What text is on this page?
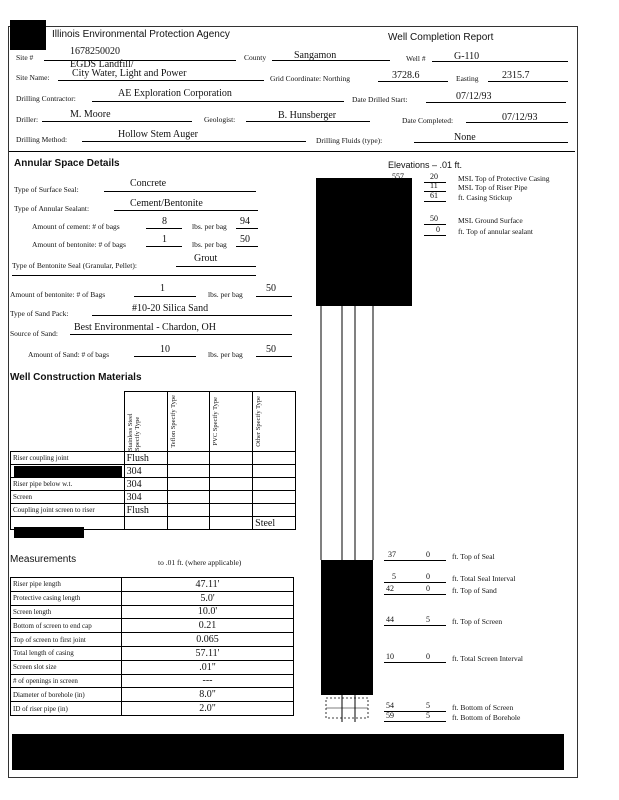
Illinois Environmental Protection Agency	Well Completion Report
Site #
1678250020
County	Sangamon	Well #	G-110
Site Name:
EGDS Landfill/
City Water, Light and Power	Grid Coordinate: Northing	3728.6	Easting 2315.7
Drilling Contractor:	AE Exploration Corporation
Date Drilled Start:	07/12/93
Driller:	M. Moore	Geologist:	B. Hunsberger	Date Completed:	07/12/93
Drilling Method:	Hollow Stem Auger
Drilling Fluids (type):	None
Annular Space Details
Type of Surface Seal:
Concrete
Type of Annular Sealant:	Cement/Bentonite
Amount of cement: # of bags	8	lbs. per bag 94
Amount of bentonite: # of bags	1	lbs. per bag 50
Type of Bentonite Seal (Granular, Pellet):
Grout
Amount of bentonite: # of Bags
1
lbs. per bag
50
Type of Sand Pack:	#10-20 Silica Sand
Source of Sand:
Best Environmental - Chardon, OH
Amount of Sand: # of bags	10	lbs. per bag 50
Elevations – .01 ft.
557	20	MSL Top of Protective Casing
11	MSL Top of Riser Pipe
61	ft. Casing Stickup
50	MSL Ground Surface
0 ft. Top of annular sealant
Well Construction Materials

	Stainless Steel Specify Type	Teflon Specify Type	PVC Specify Type	Other Specify Type

Riser coupling joint	Flush			
	304			
Riser pipe below w.t.	304			
Screen	304			
Coupling joint screen to riser	Flush			
				Steel
Measurements	to .01 ft. (where applicable)
Riser pipe length	47.11'
Protective casing length	5.0'
Screen length	10.0'
Bottom of screen to end cap	0.21
Top of screen to first joint	0.065
Total length of casing	57.11'
Screen slot size	.01"
# of openings in screen	---
Diameter of borehole (in)	8.0"
ID of riser pipe (in)	2.0"
37	0	ft. Top of Seal
5	0	ft. Total Seal Interval
42	0	ft. Top of Sand
44	5	ft. Top of Screen
10	0	ft. Total Screen Interval
54	5	ft. Bottom of Screen
59	5	ft. Bottom of Borehole
